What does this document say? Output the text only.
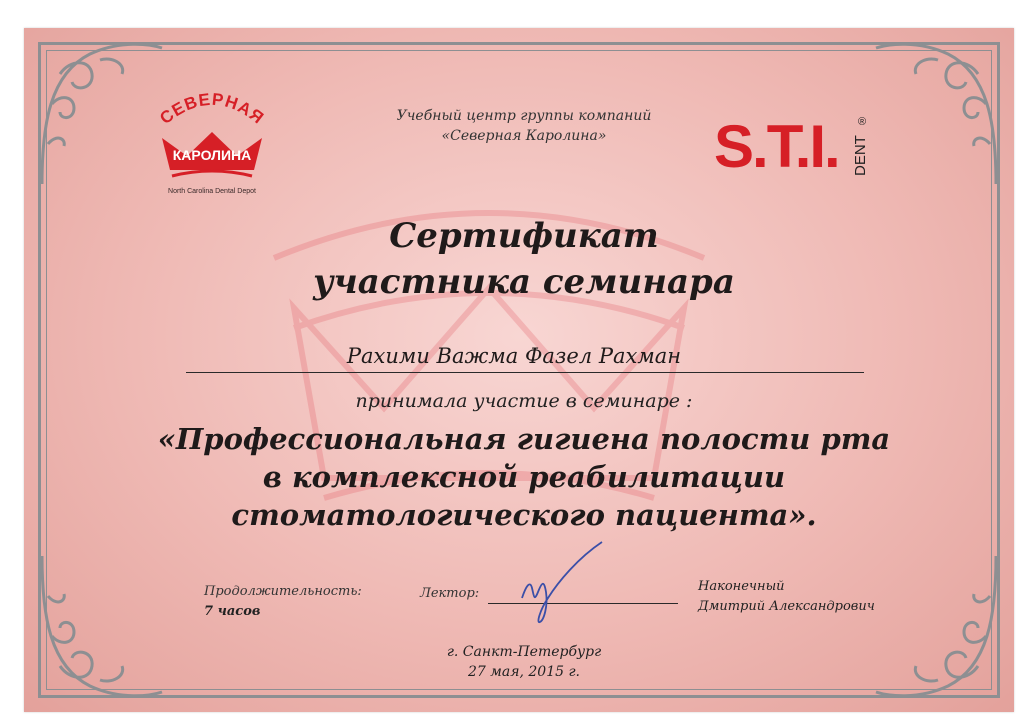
СЕВЕРНАЯ
КАРОЛИНА
North Carolina Dental Depot
Учебный центр группы компаний
«Северная Каролина»	S.T.I. DENT
®
Сертификат
участника семинара
Рахими Важма Фазел Рахман
принимала участие в семинаре :
«Профессиональная гигиена полости рта
в комплексной реабилитации
стоматологического пациента».
Продолжительность:
7 часов
Лектор:	Наконечный
Дмитрий Александрович
г. Санкт-Петербург
27 мая, 2015 г.
